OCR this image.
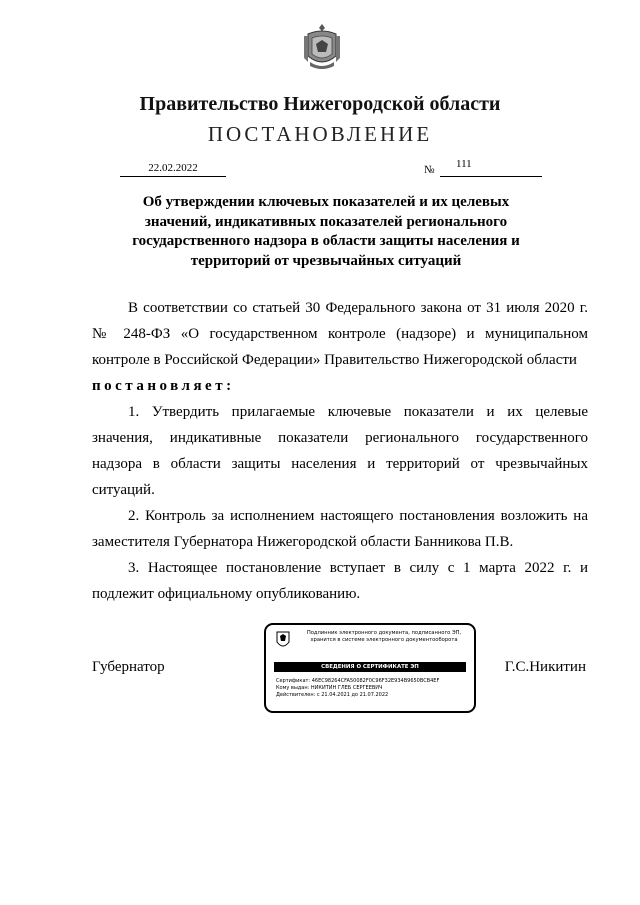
Правительство Нижегородской области
ПОСТАНОВЛЕНИЕ
22.02.2022	№ 111
Об утверждении ключевых показателей и их целевых
значений, индикативных показателей регионального
государственного надзора в области защиты населения и
территорий от чрезвычайных ситуаций

В соответствии со статьей 30 Федерального закона от 31 июля 2020 г. № 248-ФЗ «О государственном контроле (надзоре) и муниципальном контроле в Российской Федерации» Правительство Нижегородской области

постановляет:

1. Утвердить прилагаемые ключевые показатели и их целевые значения, индикативные показатели регионального государственного надзора в области защиты населения и территорий от чрезвычайных ситуаций.

2. Контроль за исполнением настоящего постановления возложить на заместителя Губернатора Нижегородской области Банникова П.В.

3. Настоящее постановление вступает в силу с 1 марта 2022 г. и подлежит официальному опубликованию.

Губернатор	Г.С.Никитин
Подлинник электронного документа, подписанного ЭП,
хранится в системе электронного документооборота
СВЕДЕНИЯ О СЕРТИФИКАТЕ ЭП
Сертификат: 46EC98264CFA50082F0C96F32E934B9650BCB4EF
Кому выдан: НИКИТИН ГЛЕБ СЕРГЕЕВИЧ
Действителен: с 21.04.2021 до 21.07.2022
